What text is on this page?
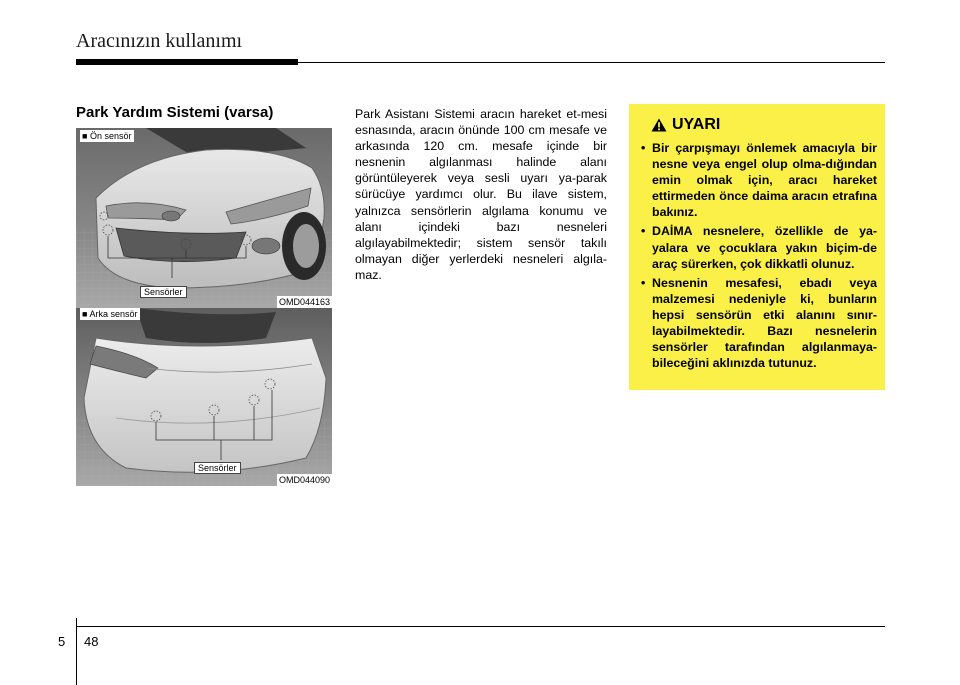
Aracınızın kullanımı
Park Yardım Sistemi (varsa)
■ Ön sensör
Sensörler
OMD044163
■ Arka sensör
Sensörler
OMD044090

Park Asistanı Sistemi aracın hareket et-mesi esnasında, aracın önünde 100 cm mesafe ve arkasında 120 cm. mesafe içinde bir nesnenin algılanması halinde alanı görüntüleyerek veya sesli uyarı ya-parak sürücüye yardımcı olur. Bu ilave sistem, yalnızca sensörlerin algılama konumu ve alanı içindeki bazı nesneleri algılayabilmektedir; sistem sensör takılı olmayan diğer yerlerdeki nesneleri algıla-maz.

UYARI
• Bir çarpışmayı önlemek amacıyla bir nesne veya engel olup olma-dığından emin olmak için, aracı hareket ettirmeden önce daima aracın etrafına bakınız.
• DAİMA nesnelere, özellikle de ya-yalara ve çocuklara yakın biçim-de araç sürerken, çok dikkatli olunuz.
• Nesnenin mesafesi, ebadı veya malzemesi nedeniyle ki, bunların hepsi sensörün etki alanını sınır-layabilmektedir. Bazı nesnelerin sensörler tarafından algılanmaya-bileceğini aklınızda tutunuz.
5 48
